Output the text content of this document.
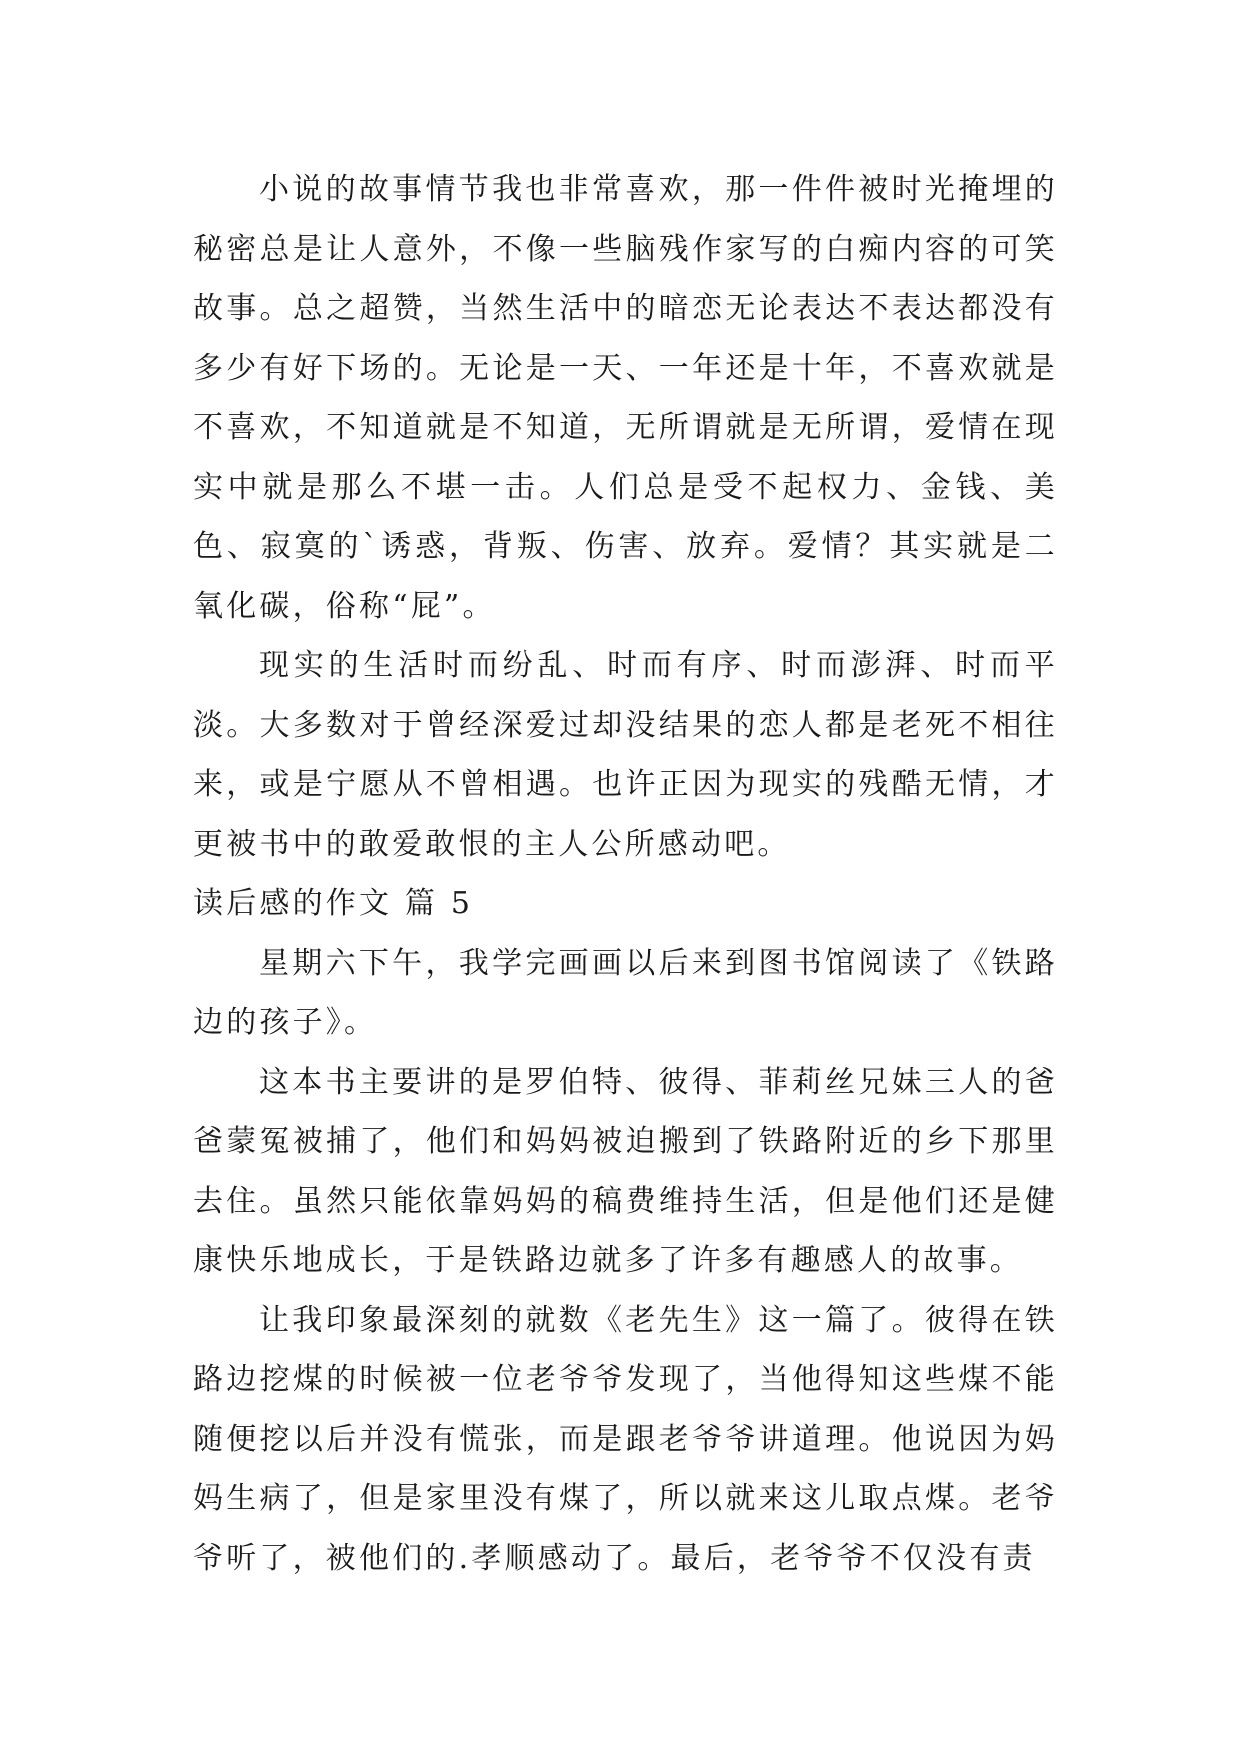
小说的故事情节我也非常喜欢，那一件件被时光掩埋的秘密总是让人意外，不像一些脑残作家写的白痴内容的可笑故事。总之超赞，当然生活中的暗恋无论表达不表达都没有多少有好下场的。无论是一天、一年还是十年，不喜欢就是不喜欢，不知道就是不知道，无所谓就是无所谓，爱情在现实中就是那么不堪一击。人们总是受不起权力、金钱、美色、寂寞的`诱惑，背叛、伤害、放弃。爱情？其实就是二氧化碳，俗称“屁”。

现实的生活时而纷乱、时而有序、时而澎湃、时而平淡。大多数对于曾经深爱过却没结果的恋人都是老死不相往来，或是宁愿从不曾相遇。也许正因为现实的残酷无情，才更被书中的敢爱敢恨的主人公所感动吧。

读后感的作文 篇 5

星期六下午，我学完画画以后来到图书馆阅读了《铁路边的孩子》。

这本书主要讲的是罗伯特、彼得、菲莉丝兄妹三人的爸爸蒙冤被捕了，他们和妈妈被迫搬到了铁路附近的乡下那里去住。虽然只能依靠妈妈的稿费维持生活，但是他们还是健康快乐地成长，于是铁路边就多了许多有趣感人的故事。

让我印象最深刻的就数《老先生》这一篇了。彼得在铁路边挖煤的时候被一位老爷爷发现了，当他得知这些煤不能随便挖以后并没有慌张，而是跟老爷爷讲道理。他说因为妈妈生病了，但是家里没有煤了，所以就来这儿取点煤。老爷爷听了，被他们的.孝顺感动了。最后，老爷爷不仅没有责
